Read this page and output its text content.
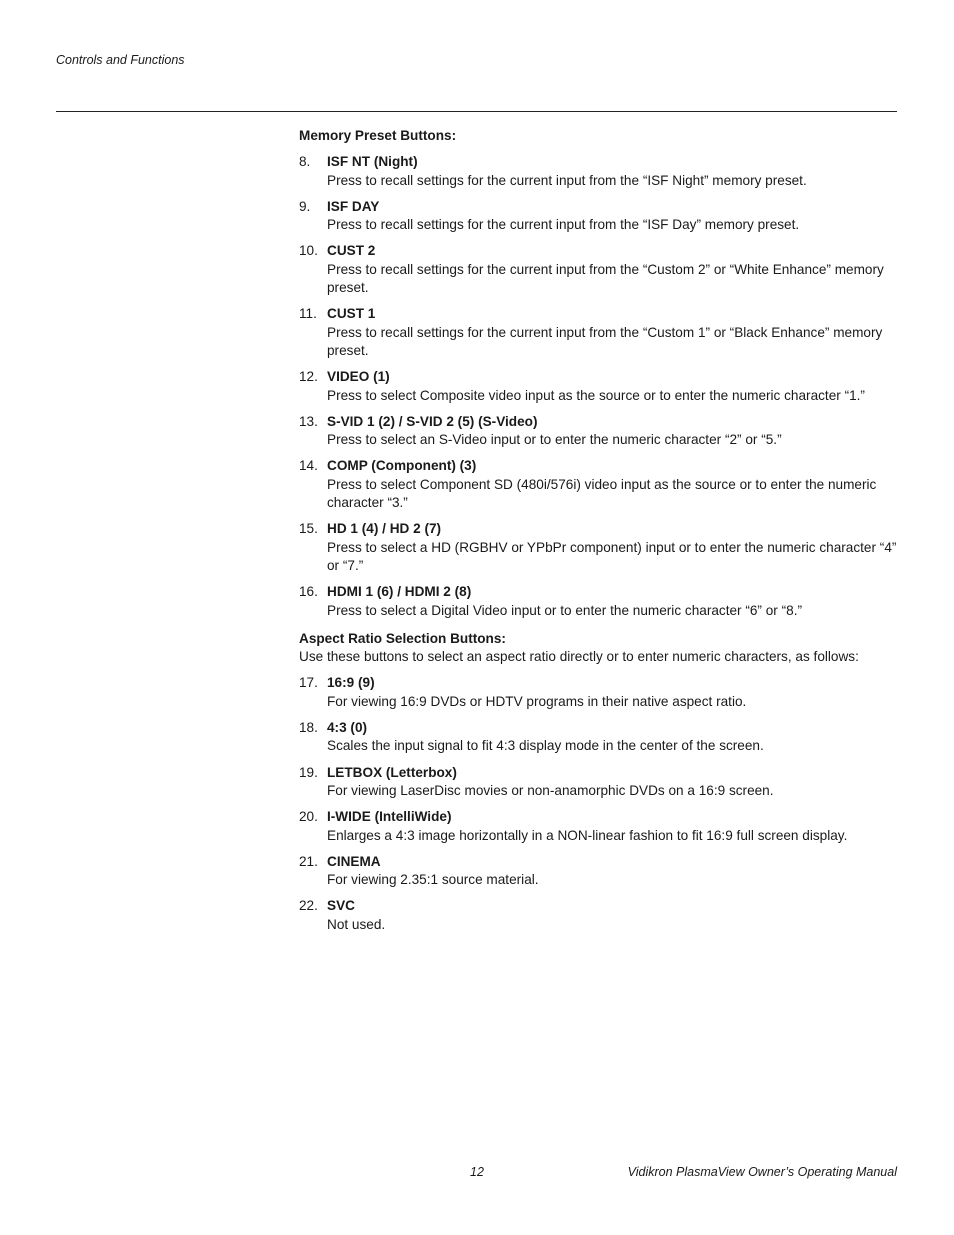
Controls and Functions
Memory Preset Buttons:
8. ISF NT (Night)
Press to recall settings for the current input from the “ISF Night” memory preset.
9. ISF DAY
Press to recall settings for the current input from the “ISF Day” memory preset.
10. CUST 2
Press to recall settings for the current input from the “Custom 2” or “White Enhance” memory preset.
11. CUST 1
Press to recall settings for the current input from the “Custom 1” or “Black Enhance” memory preset.
12. VIDEO (1)
Press to select Composite video input as the source or to enter the numeric character “1.”
13. S-VID 1 (2) / S-VID 2 (5) (S-Video)
Press to select an S-Video input or to enter the numeric character “2” or “5.”
14. COMP (Component) (3)
Press to select Component SD (480i/576i) video input as the source or to enter the numeric character “3.”
15. HD 1 (4) / HD 2 (7)
Press to select a HD (RGBHV or YPbPr component) input or to enter the numeric character “4” or “7.”
16. HDMI 1 (6) / HDMI 2 (8)
Press to select a Digital Video input or to enter the numeric character “6” or “8.”
Aspect Ratio Selection Buttons:
Use these buttons to select an aspect ratio directly or to enter numeric characters, as follows:
17. 16:9 (9)
For viewing 16:9 DVDs or HDTV programs in their native aspect ratio.
18. 4:3 (0)
Scales the input signal to fit 4:3 display mode in the center of the screen.
19. LETBOX (Letterbox)
For viewing LaserDisc movies or non-anamorphic DVDs on a 16:9 screen.
20. I-WIDE (IntelliWide)
Enlarges a 4:3 image horizontally in a NON-linear fashion to fit 16:9 full screen display.
21. CINEMA
For viewing 2.35:1 source material.
22. SVC
Not used.
12	Vidikron PlasmaView Owner’s Operating Manual
